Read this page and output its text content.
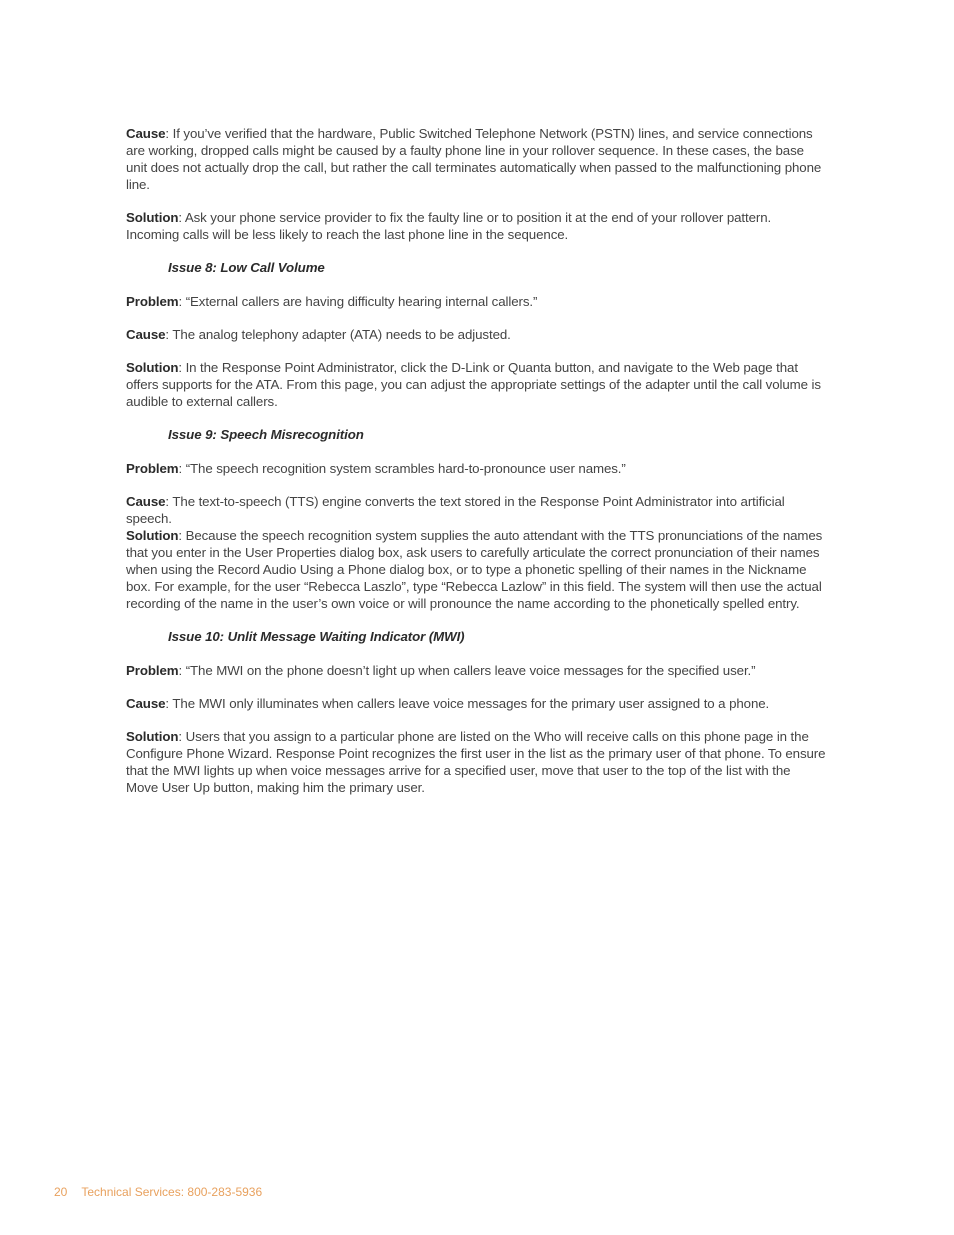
Cause: If you’ve verified that the hardware, Public Switched Telephone Network (PSTN) lines, and service connections are working, dropped calls might be caused by a faulty phone line in your rollover sequence. In these cases, the base unit does not actually drop the call, but rather the call terminates automatically when passed to the malfunctioning phone line.

Solution: Ask your phone service provider to fix the faulty line or to position it at the end of your rollover pattern. Incoming calls will be less likely to reach the last phone line in the sequence.

Issue 8: Low Call Volume

Problem: “External callers are having difficulty hearing internal callers.”

Cause: The analog telephony adapter (ATA) needs to be adjusted.

Solution: In the Response Point Administrator, click the D-Link or Quanta button, and navigate to the Web page that offers supports for the ATA. From this page, you can adjust the appropriate settings of the adapter until the call volume is audible to external callers.

Issue 9: Speech Misrecognition

Problem: “The speech recognition system scrambles hard-to-pronounce user names.”

Cause: The text-to-speech (TTS) engine converts the text stored in the Response Point Administrator into artificial speech.

Solution: Because the speech recognition system supplies the auto attendant with the TTS pronunciations of the names that you enter in the User Properties dialog box, ask users to carefully articulate the correct pronunciation of their names when using the Record Audio Using a Phone dialog box, or to type a phonetic spelling of their names in the Nickname box. For example, for the user “Rebecca Laszlo”, type “Rebecca Lazlow” in this field. The system will then use the actual recording of the name in the user’s own voice or will pronounce the name according to the phonetically spelled entry.

Issue 10: Unlit Message Waiting Indicator (MWI)

Problem: “The MWI on the phone doesn’t light up when callers leave voice messages for the specified user.”

Cause: The MWI only illuminates when callers leave voice messages for the primary user assigned to a phone.

Solution: Users that you assign to a particular phone are listed on the Who will receive calls on this phone page in the Configure Phone Wizard. Response Point recognizes the first user in the list as the primary user of that phone. To ensure that the MWI lights up when voice messages arrive for a specified user, move that user to the top of the list with the Move User Up button, making him the primary user.

20 Technical Services: 800-283-5936
